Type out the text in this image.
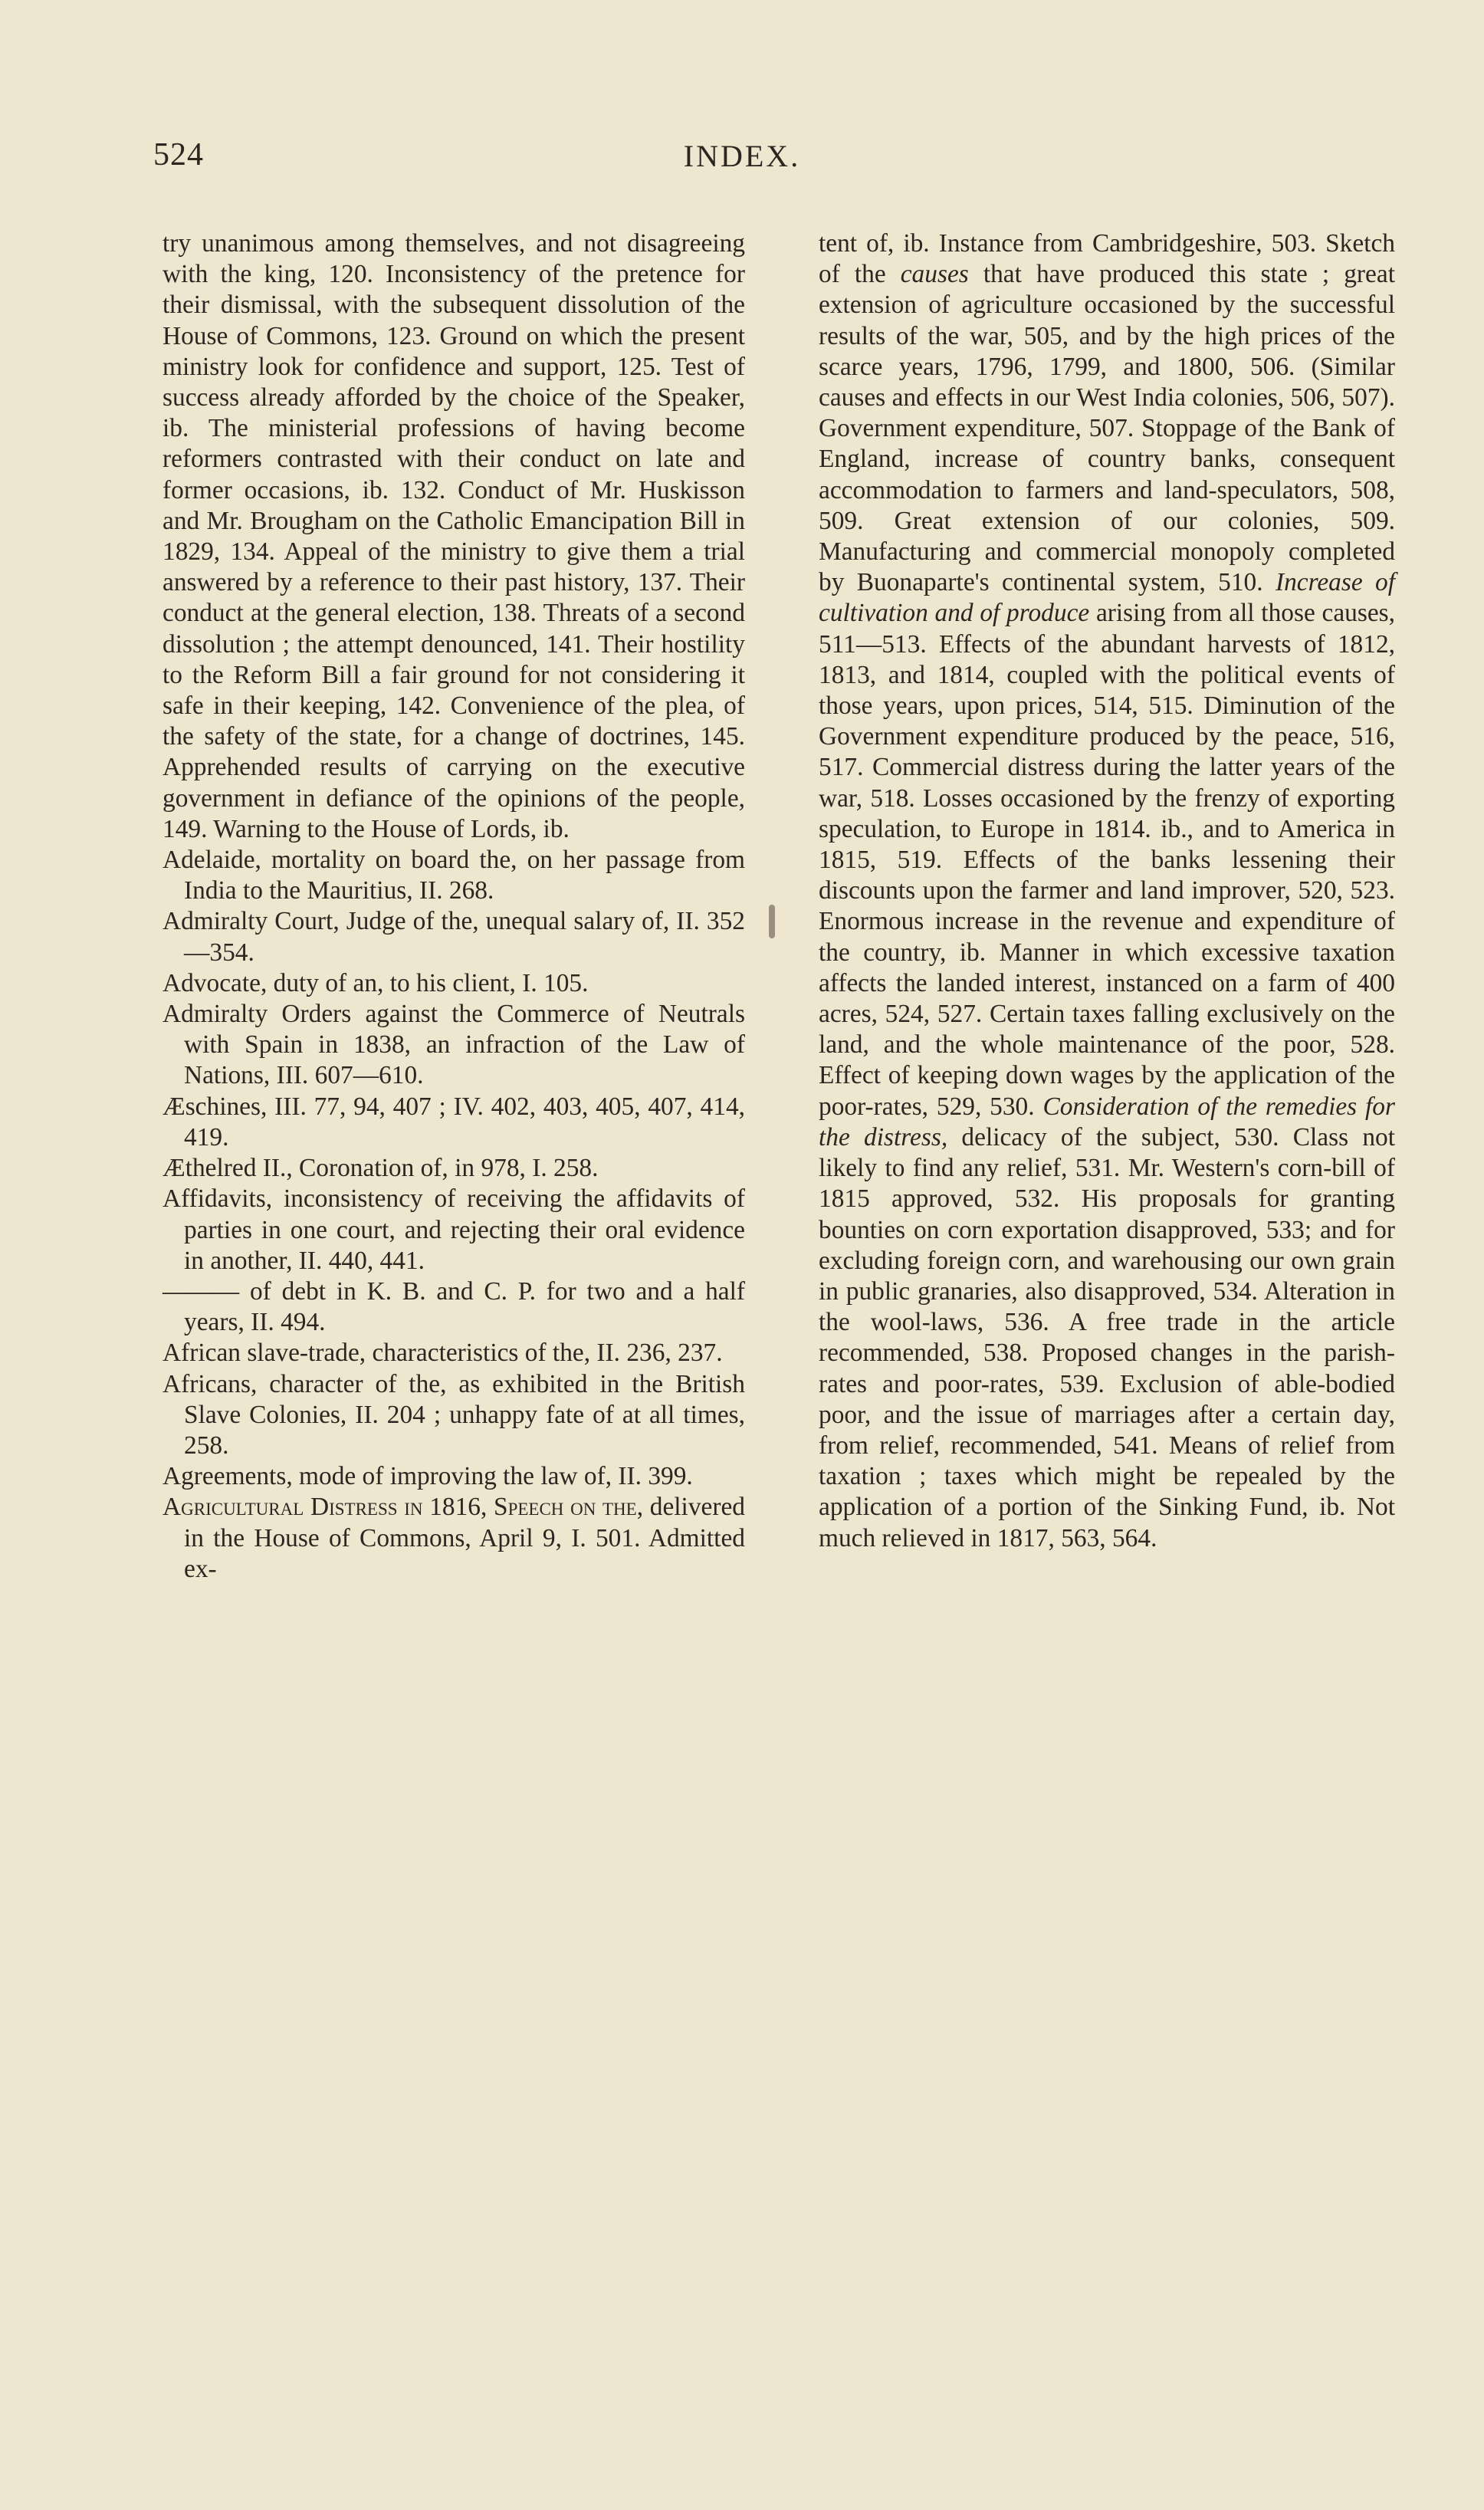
524	INDEX.

try unanimous among themselves, and not disagreeing with the king, 120. Inconsistency of the pretence for their dismissal, with the subsequent dissolution of the House of Commons, 123. Ground on which the present ministry look for confidence and support, 125. Test of success already afforded by the choice of the Speaker, ib. The ministerial professions of having become reformers contrasted with their conduct on late and former occasions, ib. 132. Conduct of Mr. Huskisson and Mr. Brougham on the Catholic Emancipation Bill in 1829, 134. Appeal of the ministry to give them a trial answered by a reference to their past history, 137. Their conduct at the general election, 138. Threats of a second dissolution ; the attempt denounced, 141. Their hostility to the Reform Bill a fair ground for not considering it safe in their keeping, 142. Convenience of the plea, of the safety of the state, for a change of doctrines, 145. Apprehended results of carrying on the executive government in defiance of the opinions of the people, 149. Warning to the House of Lords, ib.

Adelaide, mortality on board the, on her passage from India to the Mauritius, II. 268.

Admiralty Court, Judge of the, unequal salary of, II. 352—354.

Advocate, duty of an, to his client, I. 105.

Admiralty Orders against the Commerce of Neutrals with Spain in 1838, an infraction of the Law of Nations, III. 607—610.

Æschines, III. 77, 94, 407 ; IV. 402, 403, 405, 407, 414, 419.

Æthelred II., Coronation of, in 978, I. 258.

Affidavits, inconsistency of receiving the affidavits of parties in one court, and rejecting their oral evidence in another, II. 440, 441.

——— of debt in K. B. and C. P. for two and a half years, II. 494.

African slave-trade, characteristics of the, II. 236, 237.

Africans, character of the, as exhibited in the British Slave Colonies, II. 204 ; unhappy fate of at all times, 258.

Agreements, mode of improving the law of, II. 399.

Agricultural Distress in 1816, Speech on the, delivered in the House of Commons, April 9, I. 501. Admitted ex-

tent of, ib. Instance from Cambridgeshire, 503. Sketch of the causes that have produced this state ; great extension of agriculture occasioned by the successful results of the war, 505, and by the high prices of the scarce years, 1796, 1799, and 1800, 506. (Similar causes and effects in our West India colonies, 506, 507). Government expenditure, 507. Stoppage of the Bank of England, increase of country banks, consequent accommodation to farmers and land-speculators, 508, 509. Great extension of our colonies, 509. Manufacturing and commercial monopoly completed by Buonaparte's continental system, 510. Increase of cultivation and of produce arising from all those causes, 511—513. Effects of the abundant harvests of 1812, 1813, and 1814, coupled with the political events of those years, upon prices, 514, 515. Diminution of the Government expenditure produced by the peace, 516, 517. Commercial distress during the latter years of the war, 518. Losses occasioned by the frenzy of exporting speculation, to Europe in 1814. ib., and to America in 1815, 519. Effects of the banks lessening their discounts upon the farmer and land improver, 520, 523. Enormous increase in the revenue and expenditure of the country, ib. Manner in which excessive taxation affects the landed interest, instanced on a farm of 400 acres, 524, 527. Certain taxes falling exclusively on the land, and the whole maintenance of the poor, 528. Effect of keeping down wages by the application of the poor-rates, 529, 530. Consideration of the remedies for the distress, delicacy of the subject, 530. Class not likely to find any relief, 531. Mr. Western's corn-bill of 1815 approved, 532. His proposals for granting bounties on corn exportation disapproved, 533; and for excluding foreign corn, and warehousing our own grain in public granaries, also disapproved, 534. Alteration in the wool-laws, 536. A free trade in the article recommended, 538. Proposed changes in the parish-rates and poor-rates, 539. Exclusion of able-bodied poor, and the issue of marriages after a certain day, from relief, recommended, 541. Means of relief from taxation ; taxes which might be repealed by the application of a portion of the Sinking Fund, ib. Not much relieved in 1817, 563, 564.
